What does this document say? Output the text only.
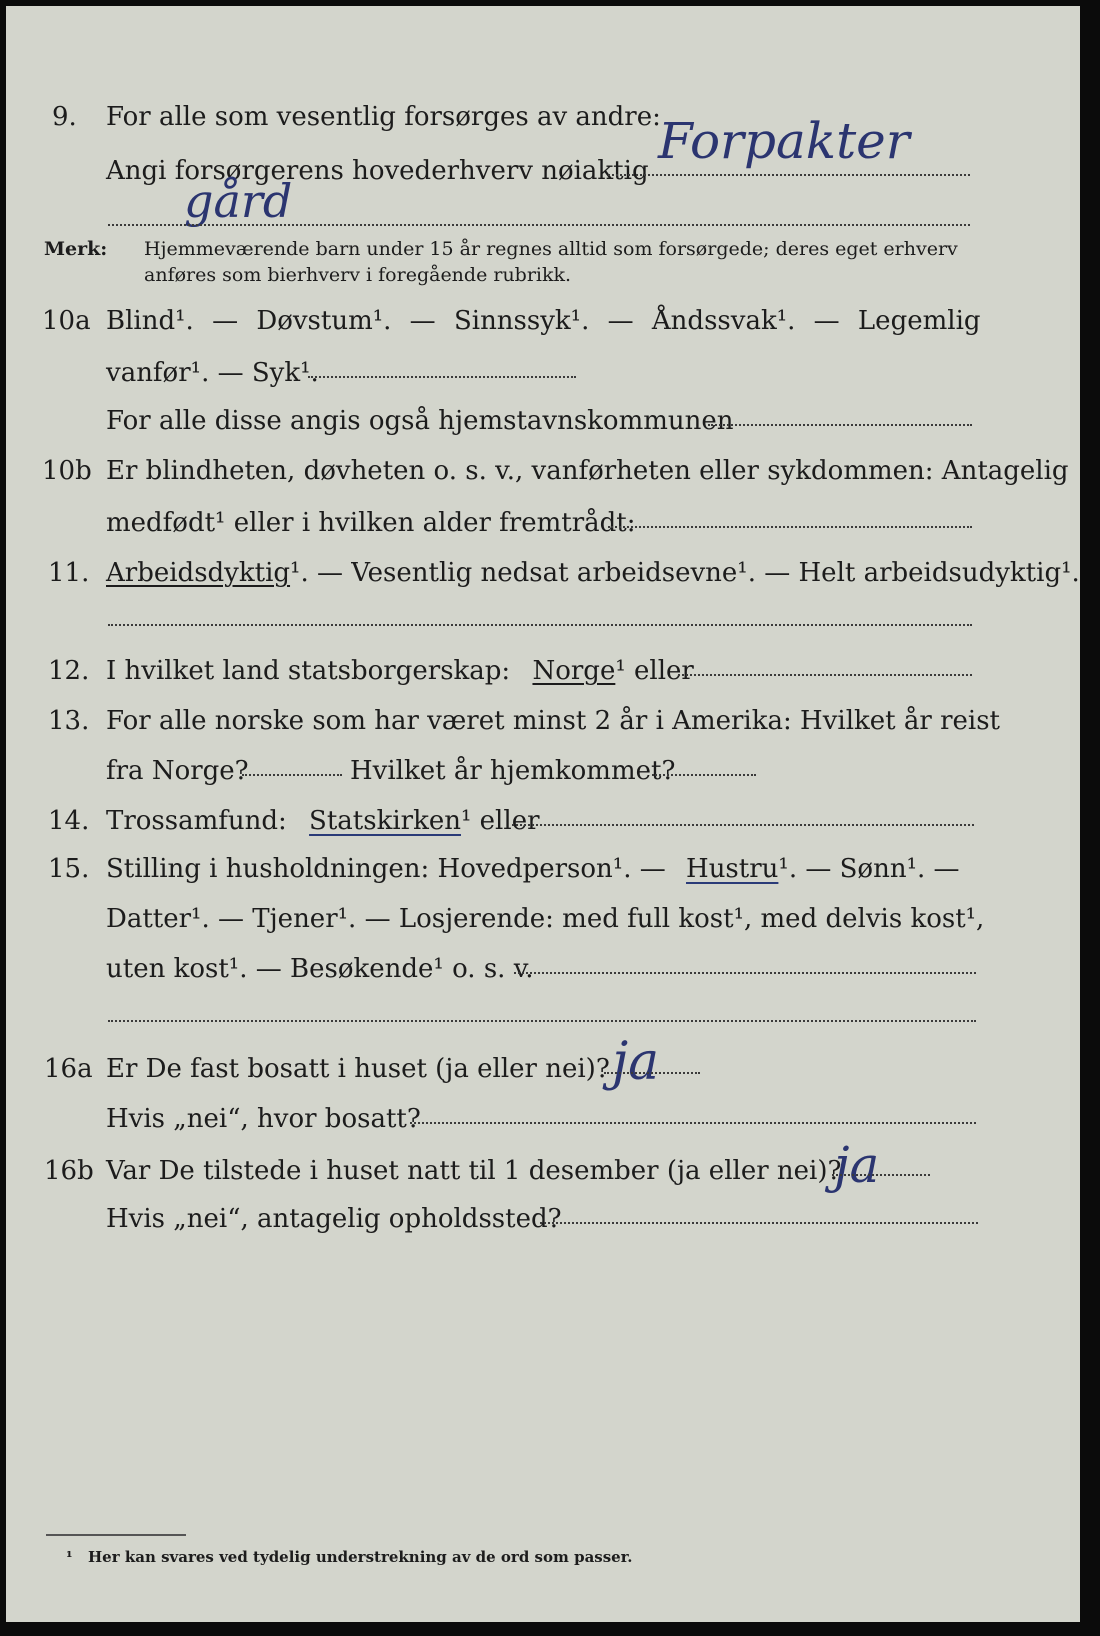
9. For alle som vesentlig forsørges av andre:
Forpakter
Angi forsørgerens hovederhverv nøiaktig
gård
Merk: Hjemmeværende barn under 15 år regnes alltid som forsørgede; deres eget erhverv
anføres som bierhverv i foregående rubrikk.
10a Blind¹. — Døvstum¹. — Sinnssyk¹. — Åndssvak¹. — Legemlig
vanfør¹. — Syk¹.
For alle disse angis også hjemstavnskommunen
10b Er blindheten, døvheten o. s. v., vanførheten eller sykdommen: Antagelig
medfødt¹ eller i hvilken alder fremtrådt:
11. Arbeidsdyktig¹. — Vesentlig nedsat arbeidsevne¹. — Helt arbeidsudyktig¹.
12. I hvilket land statsborgerskap: Norge¹ eller
13. For alle norske som har været minst 2 år i Amerika: Hvilket år reist
fra Norge?	Hvilket år hjemkommet?
14. Trossamfund: Statskirken¹ eller
15. Stilling i husholdningen: Hovedperson¹. — Hustru¹. — Sønn¹. —
Datter¹. — Tjener¹. — Losjerende: med full kost¹, med delvis kost¹,
uten kost¹. — Besøkende¹ o. s. v.
16a Er De fast bosatt i huset (ja eller nei)? ja
Hvis „nei“, hvor bosatt?
16b Var De tilstede i huset natt til 1 desember (ja eller nei)?
ja
Hvis „nei“, antagelig opholdssted?
¹ Her kan svares ved tydelig understrekning av de ord som passer.
